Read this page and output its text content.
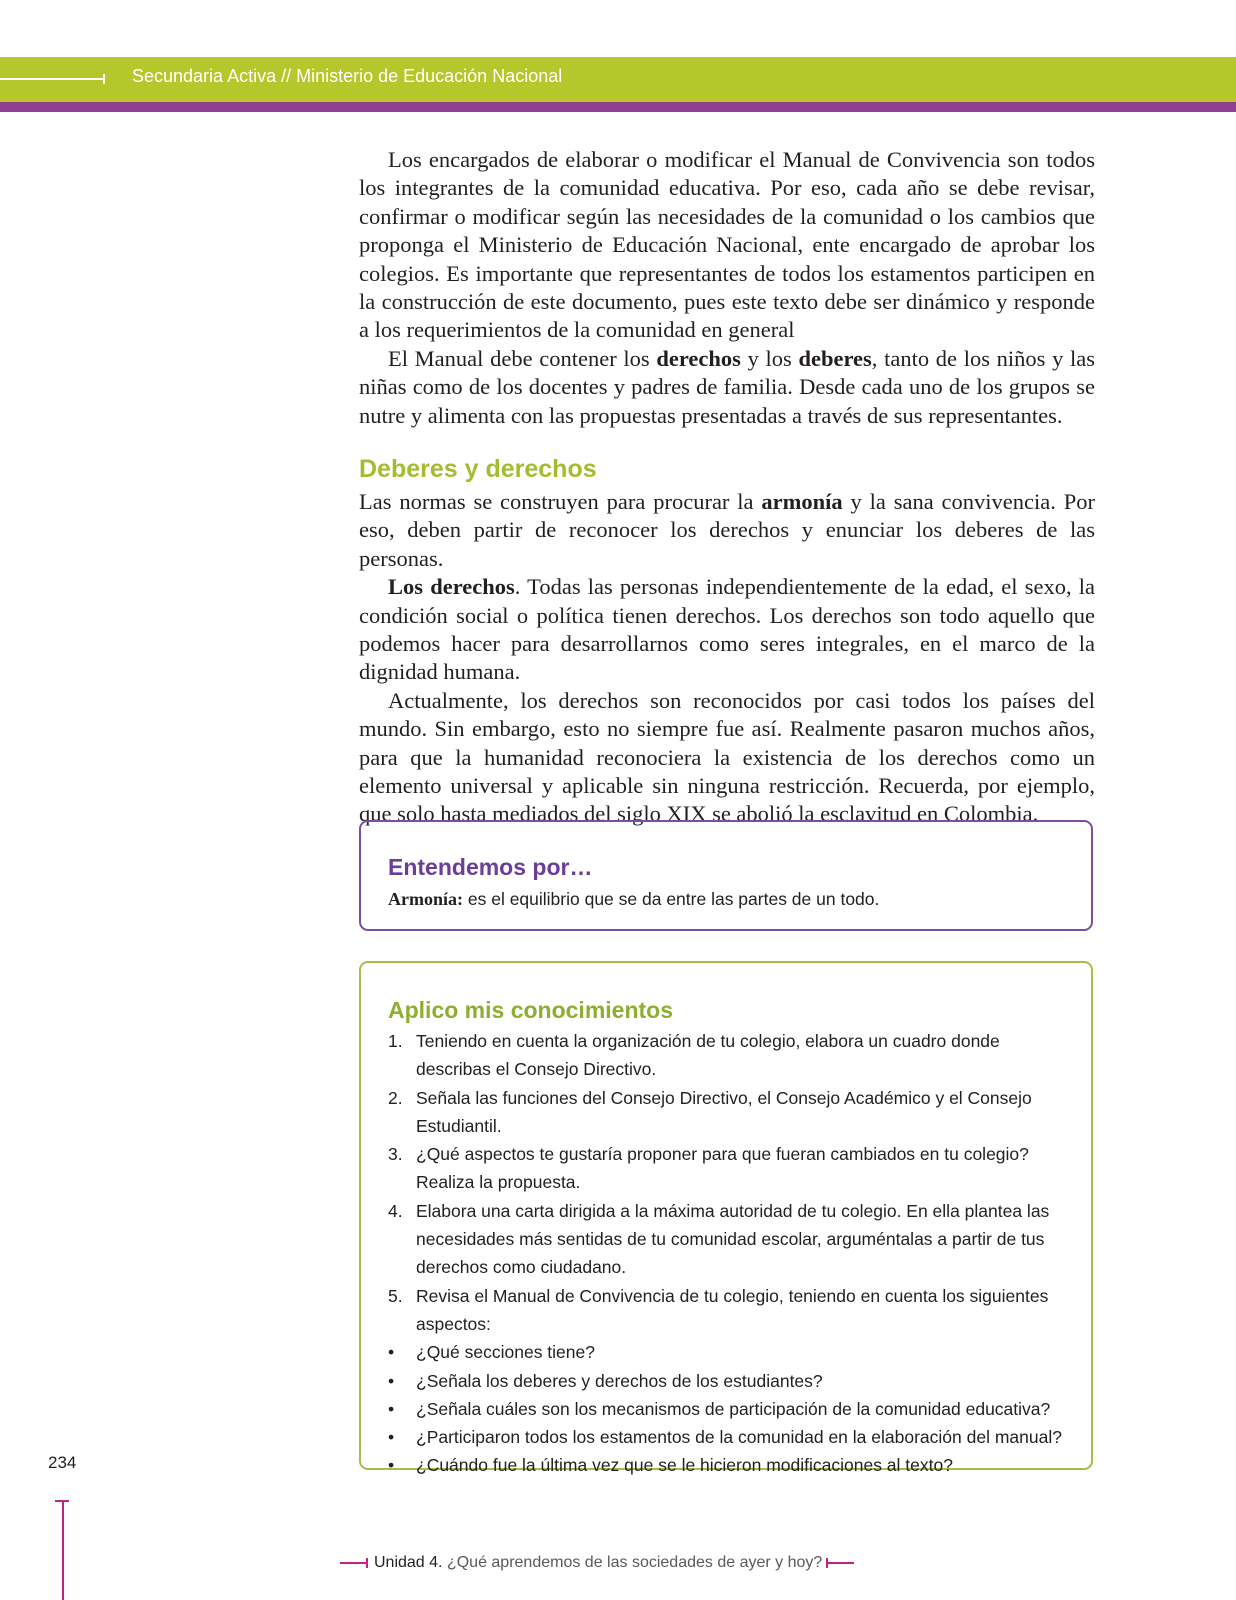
Secundaria Activa // Ministerio de Educación Nacional

Los encargados de elaborar o modificar el Manual de Convivencia son todos los integrantes de la comunidad educativa. Por eso, cada año se debe revisar, confirmar o modificar según las necesidades de la comunidad o los cambios que proponga el Ministerio de Educación Nacional, ente encargado de aprobar los colegios. Es importante que representantes de todos los estamentos participen en la construcción de este documento, pues este texto debe ser dinámico y responde a los requerimientos de la comunidad en general

El Manual debe contener los derechos y los deberes, tanto de los niños y las niñas como de los docentes y padres de familia. Desde cada uno de los grupos se nutre y alimenta con las propuestas presentadas a través de sus representantes.

Deberes y derechos

Las normas se construyen para procurar la armonía y la sana convivencia. Por eso, deben partir de reconocer los derechos y enunciar los deberes de las personas.

Los derechos. Todas las personas independientemente de la edad, el sexo, la condición social o política tienen derechos. Los derechos son todo aquello que podemos hacer para desarrollarnos como seres integrales, en el marco de la dignidad humana.

Actualmente, los derechos son reconocidos por casi todos los países del mundo. Sin embargo, esto no siempre fue así. Realmente pasaron muchos años, para que la humanidad reconociera la existencia de los derechos como un elemento universal y aplicable sin ninguna restricción. Recuerda, por ejemplo, que solo hasta mediados del siglo XIX se abolió la esclavitud en Colombia.

Entendemos por…
Armonía: es el equilibrio que se da entre las partes de un todo.
Aplico mis conocimientos
1. Teniendo en cuenta la organización de tu colegio, elabora un cuadro donde describas el Consejo Directivo.
2. Señala las funciones del Consejo Directivo, el Consejo Académico y el Consejo Estudiantil.
3. ¿Qué aspectos te gustaría proponer para que fueran cambiados en tu colegio? Realiza la propuesta.
4. Elabora una carta dirigida a la máxima autoridad de tu colegio. En ella plantea las necesidades más sentidas de tu comunidad escolar, arguméntalas a partir de tus derechos como ciudadano.
5. Revisa el Manual de Convivencia de tu colegio, teniendo en cuenta los siguientes aspectos:
• ¿Qué secciones tiene?
• ¿Señala los deberes y derechos de los estudiantes?
• ¿Señala cuáles son los mecanismos de participación de la comunidad educativa?
• ¿Participaron todos los estamentos de la comunidad en la elaboración del manual?
• ¿Cuándo fue la última vez que se le hicieron modificaciones al texto?
234
Unidad 4. ¿Qué aprendemos de las sociedades de ayer y hoy?
